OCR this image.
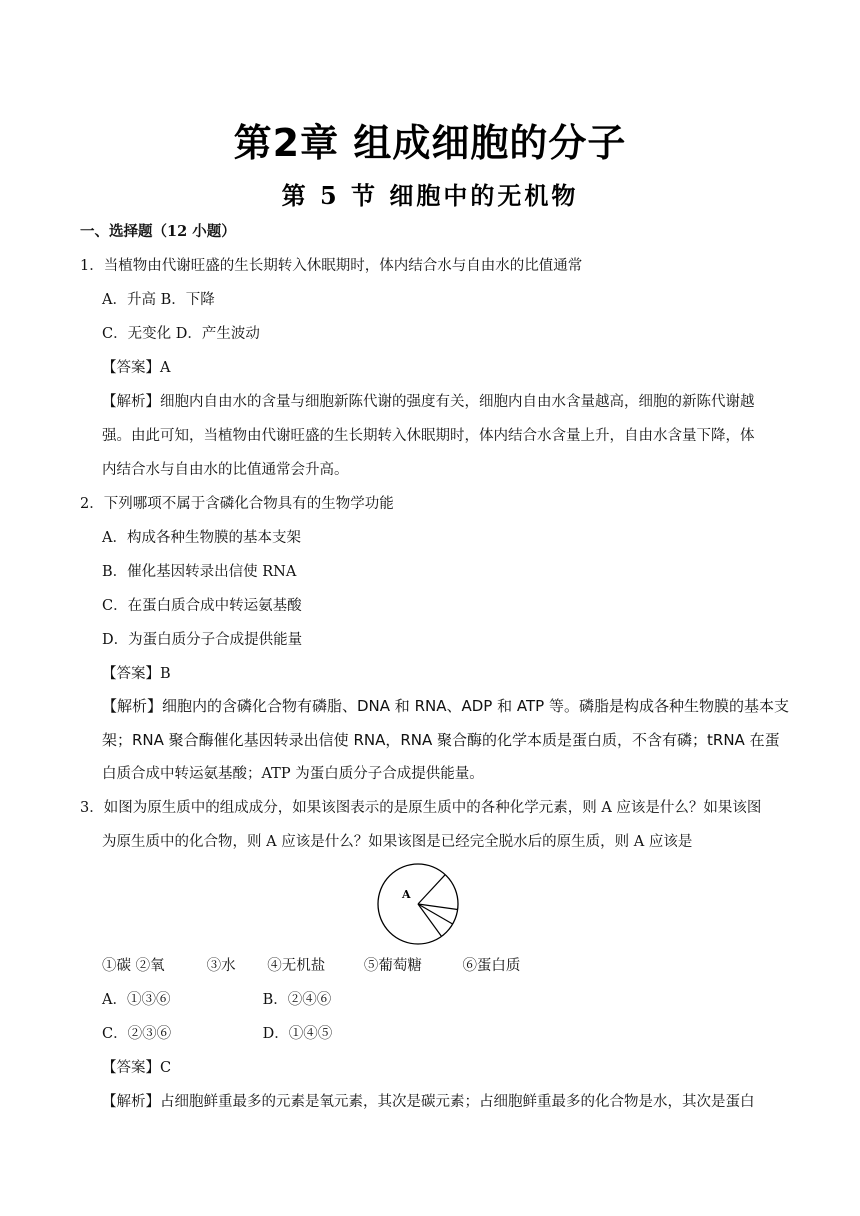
第2章 组成细胞的分子
第 5 节 细胞中的无机物
一、选择题（12 小题）
1．当植物由代谢旺盛的生长期转入休眠期时，体内结合水与自由水的比值通常
A．升高 B．下降
C．无变化 D．产生波动
【答案】A
【解析】细胞内自由水的含量与细胞新陈代谢的强度有关，细胞内自由水含量越高，细胞的新陈代谢越
强。由此可知，当植物由代谢旺盛的生长期转入休眠期时，体内结合水含量上升，自由水含量下降，体
内结合水与自由水的比值通常会升高。
2．下列哪项不属于含磷化合物具有的生物学功能
A．构成各种生物膜的基本支架
B．催化基因转录出信使 RNA
C．在蛋白质合成中转运氨基酸
D．为蛋白质分子合成提供能量
【答案】B
【解析】细胞内的含磷化合物有磷脂、DNA 和 RNA、ADP 和 ATP 等。磷脂是构成各种生物膜的基本支
架；RNA 聚合酶催化基因转录出信使 RNA，RNA 聚合酶的化学本质是蛋白质，不含有磷；tRNA 在蛋
白质合成中转运氨基酸；ATP 为蛋白质分子合成提供能量。
3．如图为原生质中的组成成分，如果该图表示的是原生质中的各种化学元素，则 A 应该是什么？如果该图
为原生质中的化合物，则 A 应该是什么？如果该图是已经完全脱水后的原生质，则 A 应该是
A
①碳 ②氧	③水 ④无机盐	⑤葡萄糖	⑥蛋白质
A．①③⑥	B．②④⑥
C．②③⑥	D．①④⑤
【答案】C
【解析】占细胞鲜重最多的元素是氧元素，其次是碳元素；占细胞鲜重最多的化合物是水，其次是蛋白
